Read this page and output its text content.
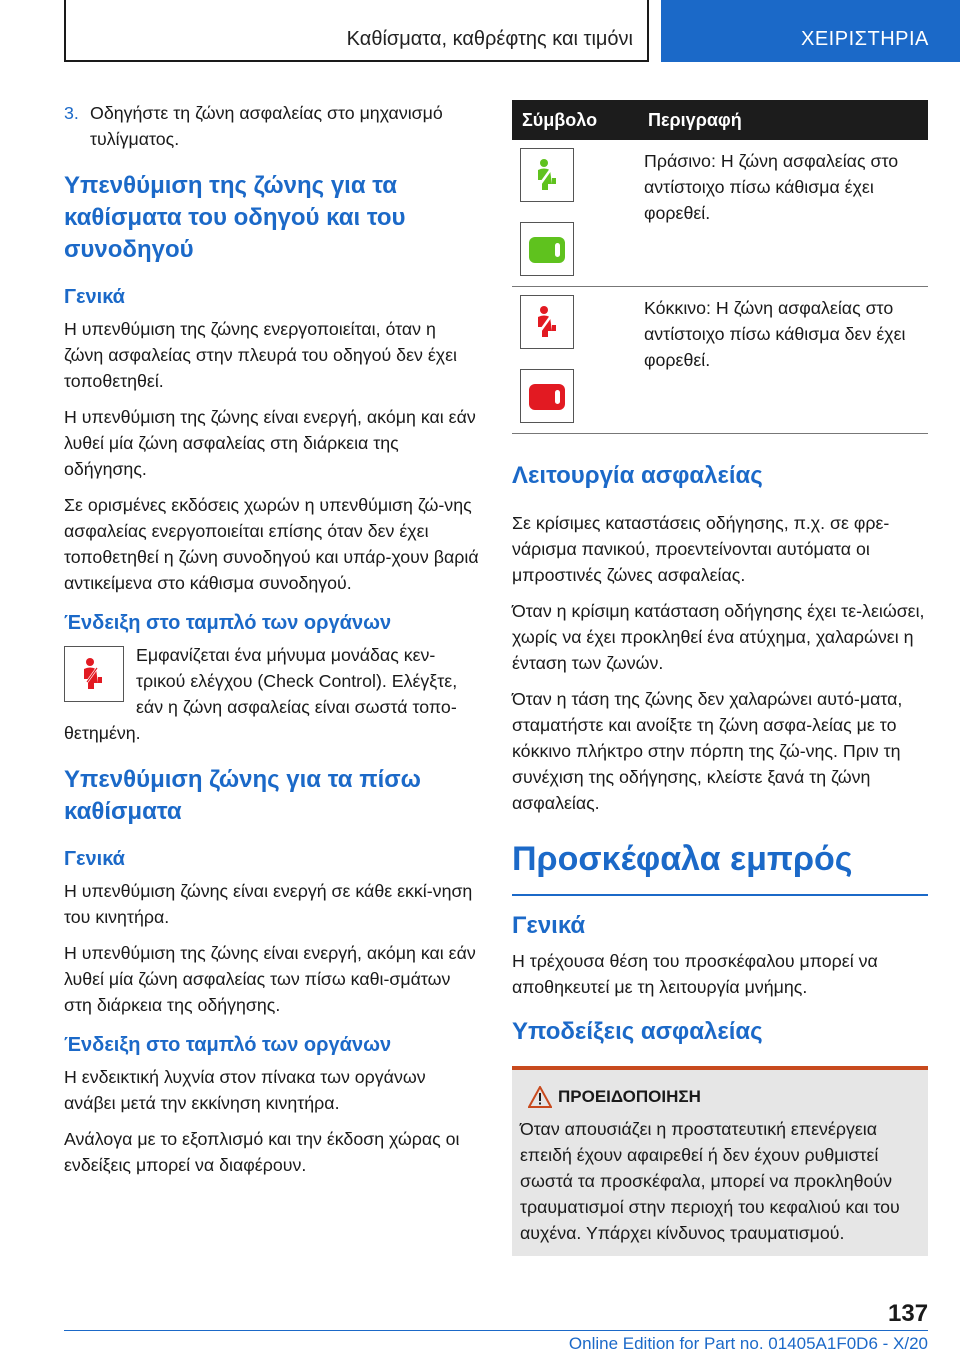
Καθίσματα, καθρέφτης και τιμόνι	ΧΕΙΡΙΣΤΗΡΙΑ

3. Οδηγήστε τη ζώνη ασφαλείας στο μηχανισμό τυλίγματος.

Υπενθύμιση της ζώνης για τα καθίσματα του οδηγού και του συνοδηγού
Γενικά

Η υπενθύμιση της ζώνης ενεργοποιείται, όταν η ζώνη ασφαλείας στην πλευρά του οδηγού δεν έχει τοποθετηθεί.

Η υπενθύμιση της ζώνης είναι ενεργή, ακόμη και εάν λυθεί μία ζώνη ασφαλείας στη διάρκεια της οδήγησης.

Σε ορισμένες εκδόσεις χωρών η υπενθύμιση ζώ-νης ασφαλείας ενεργοποιείται επίσης όταν δεν έχει τοποθετηθεί η ζώνη συνοδηγού και υπάρ-χουν βαριά αντικείμενα στο κάθισμα συνοδηγού.

Ένδειξη στο ταμπλό των οργάνων

Εμφανίζεται ένα μήνυμα μονάδας κεν-τρικού ελέγχου (Check Control). Ελέγξτε, εάν η ζώνη ασφαλείας είναι σωστά τοπο-θετημένη.

Υπενθύμιση ζώνης για τα πίσω καθίσματα
Γενικά

Η υπενθύμιση ζώνης είναι ενεργή σε κάθε εκκί-νηση του κινητήρα.

Η υπενθύμιση της ζώνης είναι ενεργή, ακόμη και εάν λυθεί μία ζώνη ασφαλείας των πίσω καθι-σμάτων στη διάρκεια της οδήγησης.

Ένδειξη στο ταμπλό των οργάνων

Η ενδεικτική λυχνία στον πίνακα των οργάνων ανάβει μετά την εκκίνηση κινητήρα.

Ανάλογα με το εξοπλισμό και την έκδοση χώρας οι ενδείξεις μπορεί να διαφέρουν.

Σύμβολο	Περιγραφή

	Πράσινο: Η ζώνη ασφαλείας στο αντίστοιχο πίσω κάθισμα έχει φορεθεί.

	Κόκκινο: Η ζώνη ασφαλείας στο αντίστοιχο πίσω κάθισμα δεν έχει φορεθεί.
Λειτουργία ασφαλείας

Σε κρίσιμες καταστάσεις οδήγησης, π.χ. σε φρε-νάρισμα πανικού, προεντείνονται αυτόματα οι μπροστινές ζώνες ασφαλείας.

Όταν η κρίσιμη κατάσταση οδήγησης έχει τε-λειώσει, χωρίς να έχει προκληθεί ένα ατύχημα, χαλαρώνει η ένταση των ζωνών.

Όταν η τάση της ζώνης δεν χαλαρώνει αυτό-ματα, σταματήστε και ανοίξτε τη ζώνη ασφα-λείας με το κόκκινο πλήκτρο στην πόρπη της ζώ-νης. Πριν τη συνέχιση της οδήγησης, κλείστε ξανά τη ζώνη ασφαλείας.

Προσκέφαλα εμπρός
Γενικά

Η τρέχουσα θέση του προσκέφαλου μπορεί να αποθηκευτεί με τη λειτουργία μνήμης.

Υποδείξεις ασφαλείας
ΠΡΟΕΙΔΟΠΟΙΗΣΗ
Όταν απουσιάζει η προστατευτική επενέργεια επειδή έχουν αφαιρεθεί ή δεν έχουν ρυθμιστεί σωστά τα προσκέφαλα, μπορεί να προκληθούν τραυματισμοί στην περιοχή του κεφαλιού και του αυχένα. Υπάρχει κίνδυνος τραυματισμού.
137
Online Edition for Part no. 01405A1F0D6 - X/20
